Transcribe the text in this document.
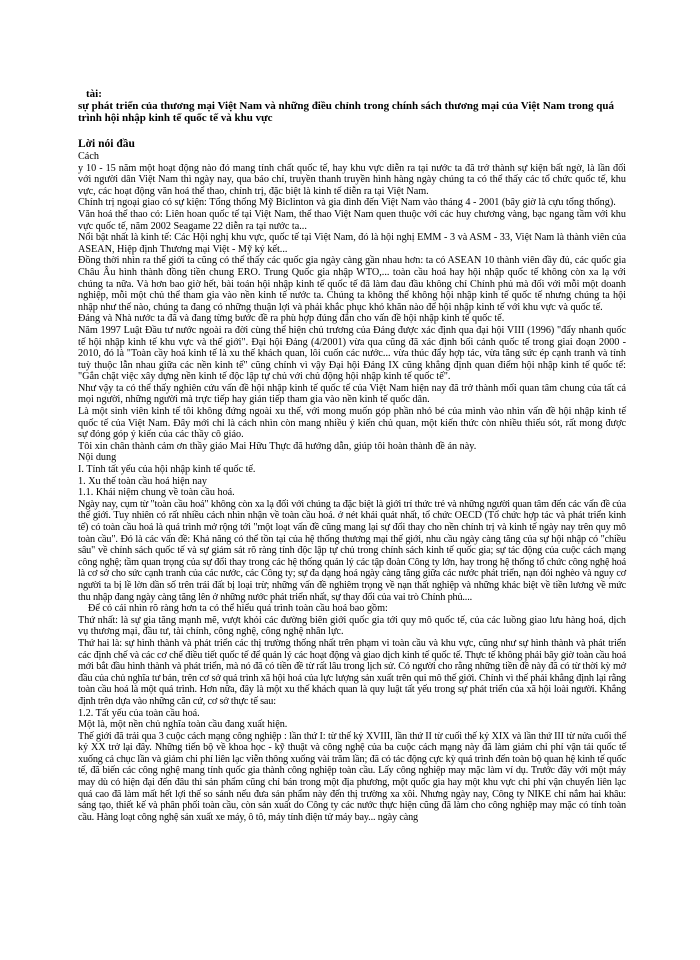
tài:
sự phát triển của thương mại Việt Nam và những điều chỉnh trong chính sách thương mại của Việt Nam trong quá trình hội nhập kinh tế quốc tế và khu vực
Lời nói đầu

Cách

y 10 - 15 năm một hoạt động nào đó mang tính chất quốc tế, hay khu vực diễn ra tại nước ta đã trở thành sự kiện bất ngờ, là lần đối với người dân Việt Nam thì ngày nay, qua báo chí, truyền thanh truyền hình hàng ngày chúng ta có thể thấy các tổ chức quốc tế, khu vực, các hoạt động văn hoá thể thao, chính trị, đặc biệt là kinh tế diễn ra tại Việt Nam.

Chính trị ngoại giao có sự kiện: Tổng thống Mỹ Biclinton và gia đình đến Việt Nam vào tháng 4 - 2001 (bây giờ là cựu tổng thống).

Văn hoá thể thao có: Liên hoan quốc tế tại Việt Nam, thể thao Việt Nam quen thuộc với các huy chương vàng, bạc ngang tầm với khu vực quốc tế, năm 2002 Seagame 22 diễn ra tại nước ta...

Nổi bật nhất là kinh tế: Các Hội nghị khu vực, quốc tế tại Việt Nam, đó là hội nghị EMM - 3 và ASM - 33, Việt Nam là thành viên của ASEAN, Hiệp định Thương mại Việt - Mỹ ký kết...

Đồng thời nhìn ra thế giới ta cũng có thể thấy các quốc gia ngày càng gần nhau hơn: ta có ASEAN 10 thành viên đầy đủ, các quốc gia Châu Âu hình thành đồng tiền chung ERO. Trung Quốc gia nhập WTO,... toàn cầu hoá hay hội nhập quốc tế không còn xa lạ với chúng ta nữa. Và hơn bao giờ hết, bài toán hội nhập kinh tế quốc tế đã làm đau đầu không chỉ Chính phủ mà đối với mỗi một doanh nghiệp, mỗi một chủ thể tham gia vào nền kinh tế nước ta. Chúng ta không thể không hội nhập kinh tế quốc tế nhưng chúng ta hội nhập như thế nào, chúng ta đang có những thuận lợi và phải khắc phục khó khăn nào để hội nhập kinh tế với khu vực và quốc tế.

Đảng và Nhà nước ta đã và đang từng bước đề ra phù hợp đúng đắn cho vấn đề hội nhập kinh tế quốc tế.

Năm 1997 Luật Đầu tư nước ngoài ra đời cùng thể hiện chủ trương của Đảng được xác định qua đại hội VIII (1996) "đẩy nhanh quốc tế hội nhập kinh tế khu vực và thế giới". Đại hội Đảng (4/2001) vừa qua cũng đã xác định bối cảnh quốc tế trong giai đoạn 2000 - 2010, đó là "Toàn cầy hoá kinh tế là xu thế khách quan, lôi cuốn các nước... vừa thúc đẩy hợp tác, vừa tăng sức ép cạnh tranh và tính tuỳ thuộc lẫn nhau giữa các nền kinh tế" cũng chính vì vậy Đại hội Đảng IX cũng khẳng định quan điểm hội nhập kinh tế quốc tế: "Gắn chặt việc xây dựng nền kinh tế độc lập tự chủ với chủ động hội nhập kinh tế quốc tế".

Như vậy ta có thể thấy nghiên cứu vấn đề hội nhập kinh tế quốc tế của Việt Nam hiện nay đã trở thành mối quan tâm chung của tất cả mọi người, những người mà trực tiếp hay gián tiếp tham gia vào nền kinh tế quốc dân.

Là một sinh viên kinh tế tôi không đứng ngoài xu thế, với mong muốn góp phần nhỏ bé của mình vào nhìn vấn đề hội nhập kinh tế quốc tế của Việt Nam. Đây mới chỉ là cách nhìn còn mang nhiều ý kiến chủ quan, một kiến thức còn nhiều thiếu sót, rất mong được sự đóng góp ý kiến của các thầy cô giáo.

Tôi xin chân thành cảm ơn thầy giáo Mai Hữu Thực đã hướng dẫn, giúp tôi hoàn thành đề án này.

Nội dung

I. Tính tất yếu của hội nhập kinh tế quốc tế.

1. Xu thế toàn cầu hoá hiện nay

1.1. Khái niệm chung về toàn cầu hoá.

Ngày nay, cụm từ "toàn cầu hoá" không còn xa lạ đối với chúng ta đặc biệt là giới trí thức trẻ và những người quan tâm đến các vấn đề của thế giới. Tuy nhiên có rất nhiều cách nhìn nhận về toàn cầu hoá. ở nét khái quát nhất, tổ chức OECD (Tổ chức hợp tác và phát triển kinh tế) có toàn cầu hoá là quá trình mở rộng tới "một loạt vấn đề cũng mang lại sự đổi thay cho nền chính trị và kinh tế ngày nay trên quy mô toàn cầu". Đó là các vấn đề: Khả năng có thể tồn tại của hệ thống thương mại thế giới, nhu cầu ngày càng tăng của sự hội nhập có "chiều sâu" về chính sách quốc tế và sự giám sát rõ ràng tính độc lập tự chủ trong chính sách kinh tế quốc gia; sự tác động của cuộc cách mạng công nghệ; tầm quan trọng của sự đổi thay trong các hệ thống quản lý các tập đoàn Công ty lớn, hay trong hệ thống tổ chức công nghệ hoá là cơ sở cho sức cạnh tranh của các nước, các Công ty; sự đa dạng hoá ngày càng tăng giữa các nước phát triển, nạn đói nghèo và nguy cơ người ta bị lề lờn dần số trên trái đất bị loại trừ; những vấn đề nghiêm trọng về nạn thất nghiệp và những khác biệt về tiền lương về mức thu nhập đang ngày càng tăng lên ở những nước phát triển nhất, sự thay đổi của vai trò Chính phủ....

Để có cái nhìn rõ ràng hơn ta có thể hiểu quá trình toàn cầu hoá bao gồm:

Thứ nhất: là sự gia tăng mạnh mẽ, vượt khỏi các đường biên giới quốc gia tới quy mô quốc tế, của các luồng giao lưu hàng hoá, dịch vụ thương mại, đầu tư, tài chính, công nghệ, công nghệ nhân lực.

Thứ hai là: sự hình thành và phát triển các thị trường thống nhất trên phạm vi toàn cầu và khu vực, cũng như sự hình thành và phát triển các định chế và các cơ chế điều tiết quốc tế để quản lý các hoạt động và giao dịch kinh tế quốc tế. Thực tế không phải bây giờ toàn cầu hoá mới bắt đầu hình thành và phát triển, mà nó đã có tiền đề từ rất lâu trong lịch sử. Có người cho rằng những tiền đề này đã có từ thời kỳ mở đầu của chủ nghĩa tư bản, trên cơ sở quá trình xã hội hoá của lực lượng sản xuất trên qui mô thế giới. Chính vì thế phải khẳng định lại rằng toàn cầu hoá là một quá trình. Hơn nữa, đây là một xu thế khách quan là quy luật tất yếu trong sự phát triển của xã hội loài người. Khẳng định trên dựa vào những căn cứ, cơ sở thực tế sau:

1.2. Tất yếu của toàn cầu hoá.

Một là, một nền chủ nghĩa toàn cầu đang xuất hiện.

Thế giới đã trải qua 3 cuộc cách mạng công nghiệp : lần thứ I: từ thế kỷ XVIII, lần thứ II từ cuối thế kỷ XIX và lần thứ III từ nửa cuối thế kỷ XX trở lại đây. Những tiến bộ về khoa học - kỹ thuật và công nghệ của ba cuộc cách mạng này đã làm giảm chi phí vận tải quốc tế xuống cả chục lần và giảm chi phí liên lạc viễn thông xuống vài trăm lần; đã có tác động cực kỳ quá trình đến toàn bộ quan hệ kinh tế quốc tế, đã biến các công nghệ mang tính quốc gia thành công nghiệp toàn cầu. Lấy công nghiệp may mặc làm ví dụ. Trước đây với một máy may dù có hiện đại đến đâu thì sản phẩm cũng chỉ bán trong một địa phương, một quốc gia hay một khu vực chi phí vận chuyển liên lạc quá cao đã làm mất hết lợi thế so sánh nếu đưa sản phẩm này đến thị trường xa xôi. Nhưng ngày nay, Công ty NIKE chỉ nắm hai khâu: sáng tạo, thiết kế và phân phối toàn cầu, còn sản xuất do Công ty các nước thực hiện cũng đã làm cho công nghiệp may mặc có tính toàn cầu. Hàng loạt công nghệ sản xuất xe máy, ô tô, máy tính điện tử máy bay... ngày càng
